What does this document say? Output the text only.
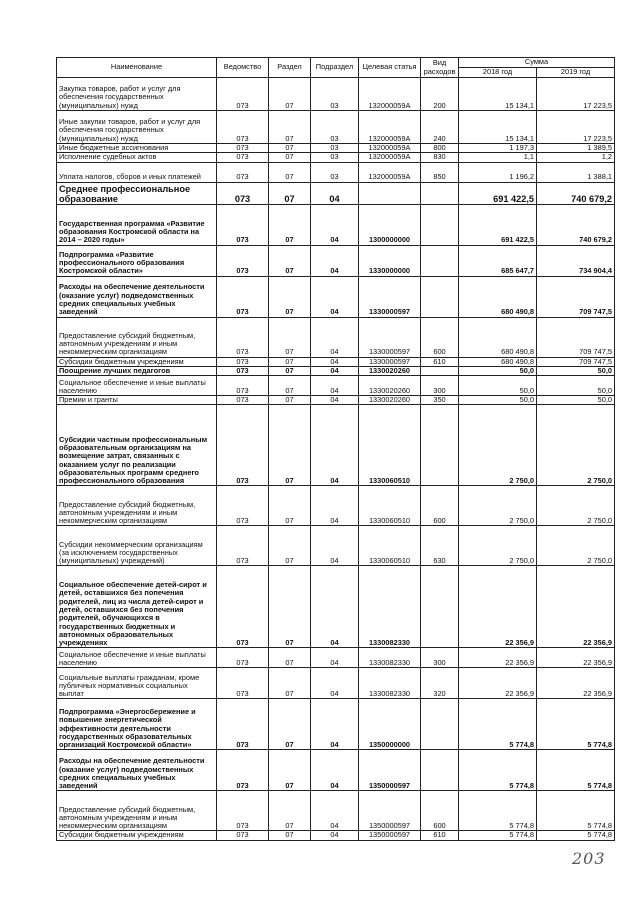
Наименование	Ведомство	Раздел	Подраздел	Целевая статья	Вид расходов	Сумма	
						2018 год	2019 год
Закупка товаров, работ и услуг для обеспечения государственных (муниципальных) нужд	073	07	03	132000059A	200	15 134,1	17 223,5
Иные закупки товаров, работ и услуг для обеспечения государственных (муниципальных) нужд	073	07	03	132000059A	240	15 134,1	17 223,5
Иные бюджетные ассигнования	073	07	03	132000059A	800	1 197,3	1 389,5
Исполнение судебных актов	073	07	03	132000059A	830	1,1	1,2
Уплата налогов, сборов и иных платежей	073	07	03	132000059A	850	1 196,2	1 388,1
Среднее профессиональное образование	073	07	04			691 422,5	740 679,2
Государственная программа «Развитие образования Костромской области на 2014 – 2020 годы»	073	07	04	1300000000		691 422,5	740 679,2
Подпрограмма «Развитие профессионального образования Костромской области»	073	07	04	1330000000		685 647,7	734 904,4
Расходы на обеспечение деятельности (оказание услуг) подведомственных средних специальных учебных заведений	073	07	04	1330000597		680 490,8	709 747,5
Предоставление субсидий бюджетным, автономным учреждениям и иным некоммерческим организациям	073	07	04	1330000597	600	680 490,8	709 747,5
Субсидии бюджетным учреждениям	073	07	04	1330000597	610	680 490,8	709 747,5
Поощрение лучших педагогов	073	07	04	1330020260		50,0	50,0
Социальное обеспечение и иные выплаты населению	073	07	04	1330020260	300	50,0	50,0
Премии и гранты	073	07	04	1330020260	350	50,0	50,0
Субсидии частным профессиональным образовательным организациям на возмещение затрат, связанных с оказанием услуг по реализации образовательных программ среднего профессионального образования	073	07	04	1330060510		2 750,0	2 750,0
Предоставление субсидий бюджетным, автономным учреждениям и иным некоммерческим организациям	073	07	04	1330060510	600	2 750,0	2 750,0
Субсидии некоммерческим организациям (за исключением государственных (муниципальных) учреждений)	073	07	04	1330060510	630	2 750,0	2 750,0
Социальное обеспечение детей-сирот и детей, оставшихся без попечения родителей, лиц из числа детей-сирот и детей, оставшихся без попечения родителей, обучающихся в государственных бюджетных и автономных образовательных учреждениях	073	07	04	1330082330		22 356,9	22 356,9
Социальное обеспечение и иные выплаты населению	073	07	04	1330082330	300	22 356,9	22 356,9
Социальные выплаты гражданам, кроме публичных нормативных социальных выплат	073	07	04	1330082330	320	22 356,9	22 356,9
Подпрограмма «Энергосбережение и повышение энергетической эффективности деятельности государственных образовательных организаций Костромской области»	073	07	04	1350000000		5 774,8	5 774,8
Расходы на обеспечение деятельности (оказание услуг) подведомственных средних специальных учебных заведений	073	07	04	1350000597		5 774,8	5 774,8
Предоставление субсидий бюджетным, автономным учреждениям и иным некоммерческим организациям	073	07	04	1350000597	600	5 774,8	5 774,8
Субсидии бюджетным учреждениям	073	07	04	1350000597	610	5 774,8	5 774,8
203
